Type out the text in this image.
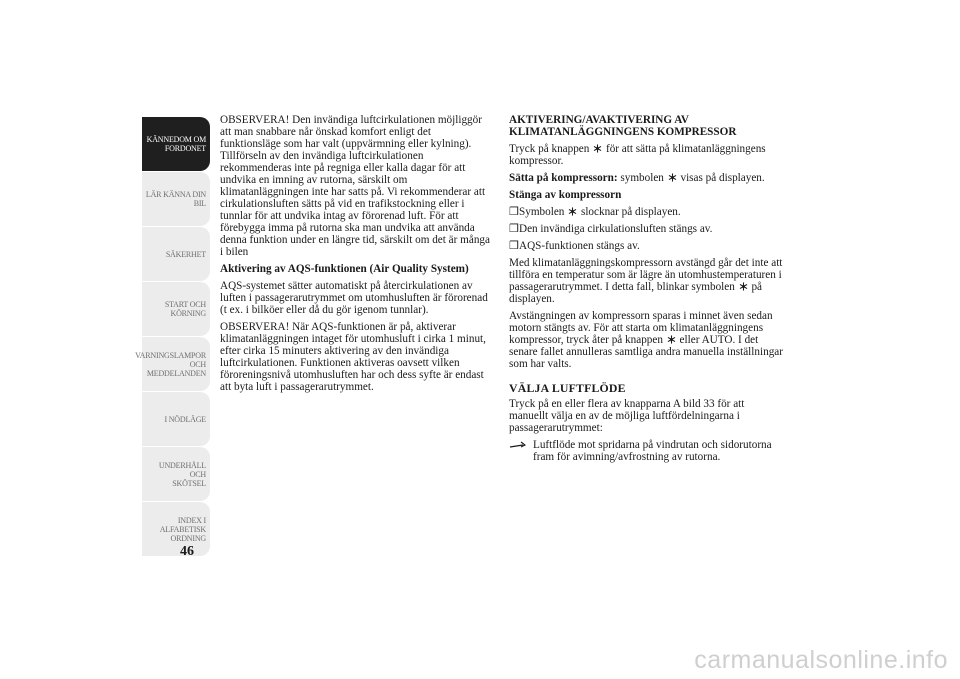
KÄNNEDOM OM
FORDONET
LÄR KÄNNA DIN
BIL
SÄKERHET
START OCH
KÖRNING
VARNINGSLAMPOR
OCH
MEDDELANDEN
I NÖDLÄGE
UNDERHÅLL OCH
SKÖTSEL
INDEX I
ALFABETISK
ORDNING
46

OBSERVERA! Den invändiga luftcirkulationen möjliggör att man snabbare når önskad komfort enligt det funktionsläge som har valt (uppvärmning eller kylning). Tillförseln av den invändiga luftcirkulationen rekommenderas inte på regniga eller kalla dagar för att undvika en imning av rutorna, särskilt om klimatanläggningen inte har satts på. Vi rekommenderar att cirkulationsluften sätts på vid en trafikstockning eller i tunnlar för att undvika intag av förorenad luft. För att förebygga imma på rutorna ska man undvika att använda denna funktion under en längre tid, särskilt om det är många i bilen

Aktivering av AQS-funktionen (Air Quality System)

AQS-systemet sätter automatiskt på återcirkulationen av luften i passagerarutrymmet om utomhusluften är förorenad (t ex. i bilköer eller då du gör igenom tunnlar).

OBSERVERA! När AQS-funktionen är på, aktiverar klimatanläggningen intaget för utomhusluft i cirka 1 minut, efter cirka 15 minuters aktivering av den invändiga luftcirkulationen. Funktionen aktiveras oavsett vilken föroreningsnivå utomhusluften har och dess syfte är endast att byta luft i passagerarutrymmet.

AKTIVERING/AVAKTIVERING AV KLIMATANLÄGGNINGENS KOMPRESSOR

Tryck på knappen för att sätta på klimatanläggningens kompressor.

Sätta på kompressorn: symbolen visas på displayen.

Stänga av kompressorn

❒ Symbolen slocknar på displayen.
❒ Den invändiga cirkulationsluften stängs av.
❒ AQS-funktionen stängs av.

Med klimatanläggningskompressorn avstängd går det inte att tillföra en temperatur som är lägre än utomhustemperaturen i passagerarutrymmet. I detta fall, blinkar symbolen på displayen.

Avstängningen av kompressorn sparas i minnet även sedan motorn stängts av. För att starta om klimatanläggningens kompressor, tryck åter på knappen eller AUTO. I det senare fallet annulleras samtliga andra manuella inställningar som har valts.

VÄLJA LUFTFLÖDE

Tryck på en eller flera av knapparna A bild 33 för att manuellt välja en av de möjliga luftfördelningarna i passagerarutrymmet:

Luftflöde mot spridarna på vindrutan och sidorutorna fram för avimning/avfrostning av rutorna.
carmanualsonline.info
